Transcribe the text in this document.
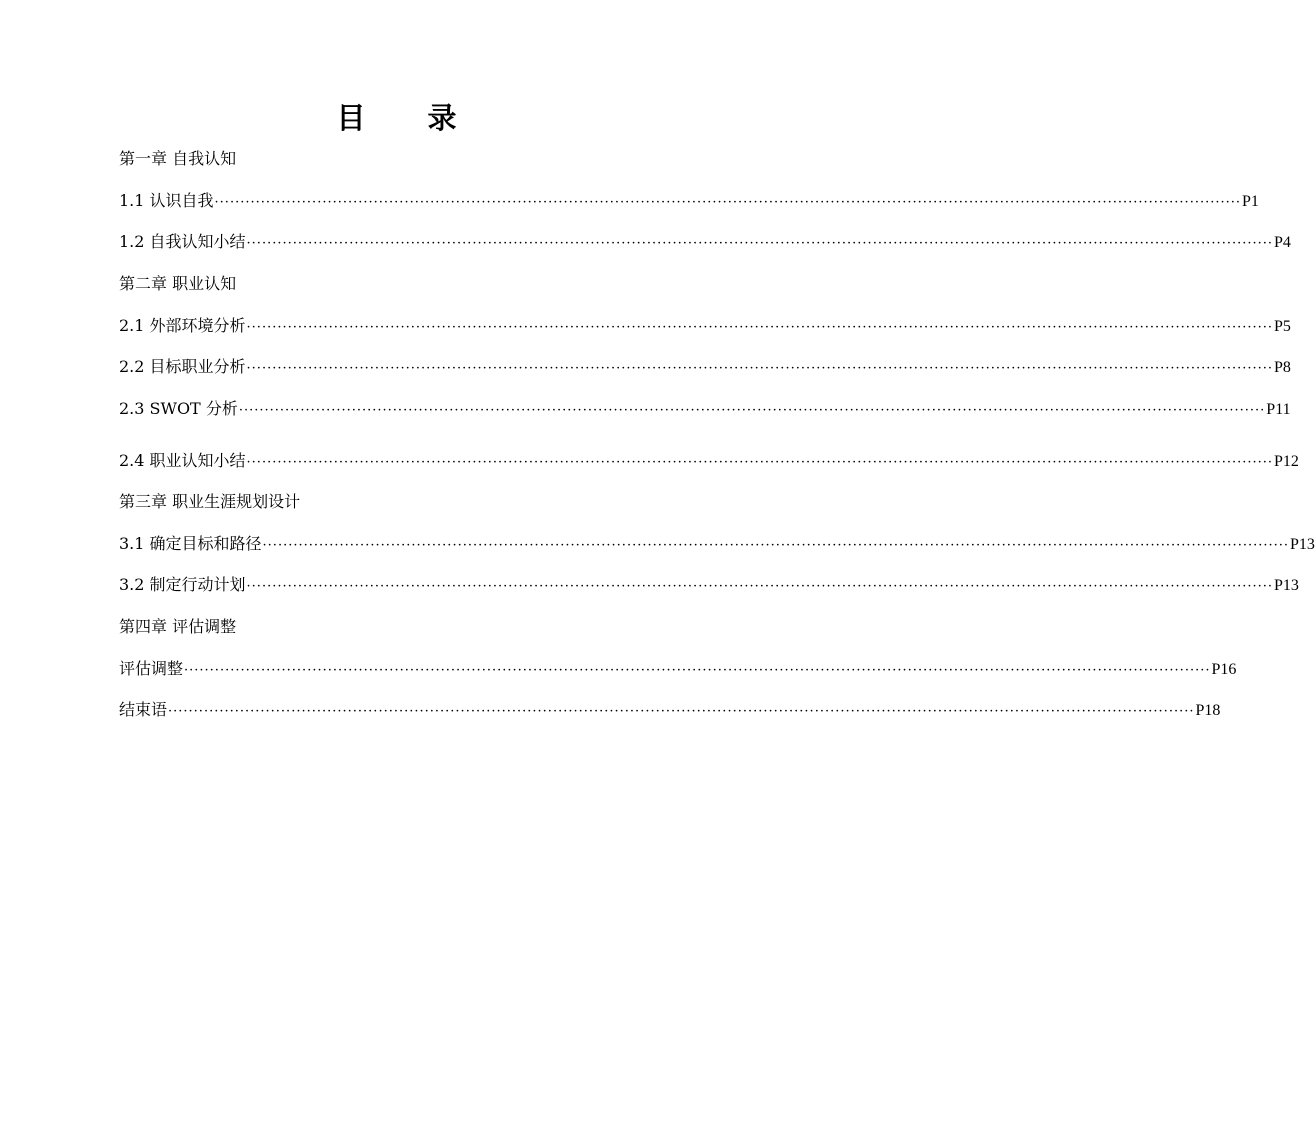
目 录
第一章 自我认知
1.1 认识自我 ········································································································································································································ P1
1.2 自我认知小结 ········································································································································································································ P4
第二章 职业认知
2.1 外部环境分析 ········································································································································································································ P5
2.2 目标职业分析 ········································································································································································································ P8
2.3 SWOT 分析 ········································································································································································································ P11
2.4 职业认知小结 ········································································································································································································ P12
第三章 职业生涯规划设计
3.1 确定目标和路径 ········································································································································································································ P13
3.2 制定行动计划 ········································································································································································································ P13
第四章 评估调整
评估调整 ········································································································································································································ P16
结束语 ········································································································································································································ P18
